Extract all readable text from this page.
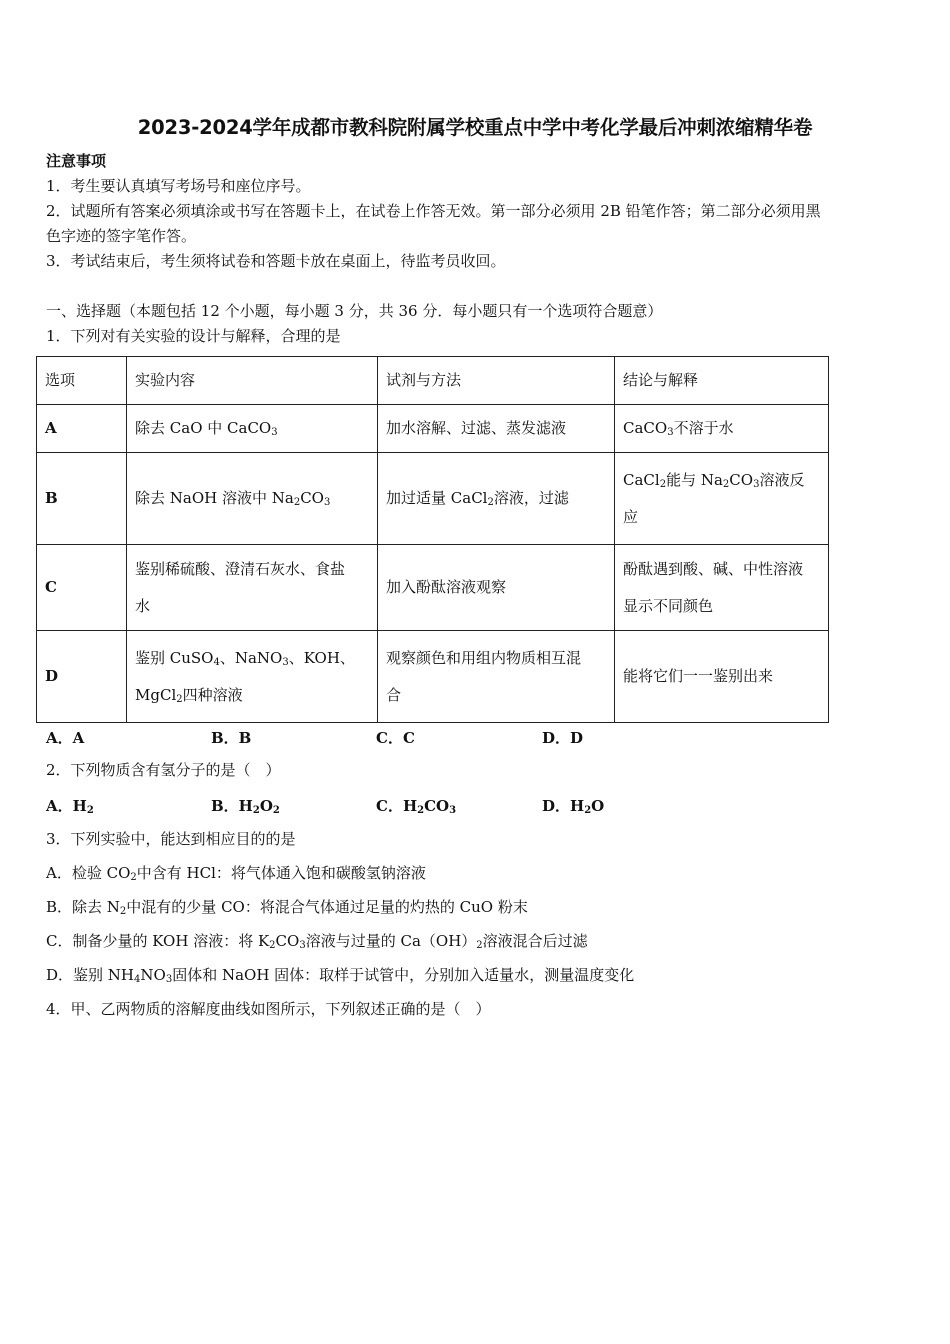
2023-2024学年成都市教科院附属学校重点中学中考化学最后冲刺浓缩精华卷
注意事项
1．考生要认真填写考场号和座位序号。
2．试题所有答案必须填涂或书写在答题卡上，在试卷上作答无效。第一部分必须用 2B 铅笔作答；第二部分必须用黑
色字迹的签字笔作答。
3．考试结束后，考生须将试卷和答题卡放在桌面上，待监考员收回。
一、选择题（本题包括 12 个小题，每小题 3 分，共 36 分．每小题只有一个选项符合题意）
1．下列对有关实验的设计与解释，合理的是
选项	实验内容	试剂与方法	结论与解释
A	除去 CaO 中 CaCO$_3$	加水溶解、过滤、蒸发滤液	CaCO$_3$不溶于水
B	除去 NaOH 溶液中 $Na_2CO_3$	加过适量 CaCl$_2$溶液，过滤	CaCl$_2$能与 $Na_2CO_3$溶液反
应
C	鉴别稀硫酸、澄清石灰水、食盐
水	加入酚酞溶液观察	酚酞遇到酸、碱、中性溶液
显示不同颜色
D	鉴别 CuSO$_4$、NaNO$_3$、KOH、
MgCl$_2$四种溶液	观察颜色和用组内物质相互混
合	能将它们一一鉴别出来
A．A	B．B	C．C	D．D
2．下列物质含有氢分子的是（　）
A．$H_2$	B．$H_2O_2$	C．$H_2CO_3$	D．$H_2O$
3．下列实验中，能达到相应目的的是
A．检验 $CO_2$中含有 HCl：将气体通入饱和碳酸氢钠溶液
B．除去 $N_2$中混有的少量 CO：将混合气体通过足量的灼热的 CuO 粉末
C．制备少量的 KOH 溶液：将 $K_2CO_3$溶液与过量的 $Ca(OH)_2$溶液混合后过滤
D．鉴别 $NH_4NO_3$固体和 NaOH 固体：取样于试管中，分别加入适量水，测量温度变化
4．甲、乙两物质的溶解度曲线如图所示，下列叙述正确的是（　）
